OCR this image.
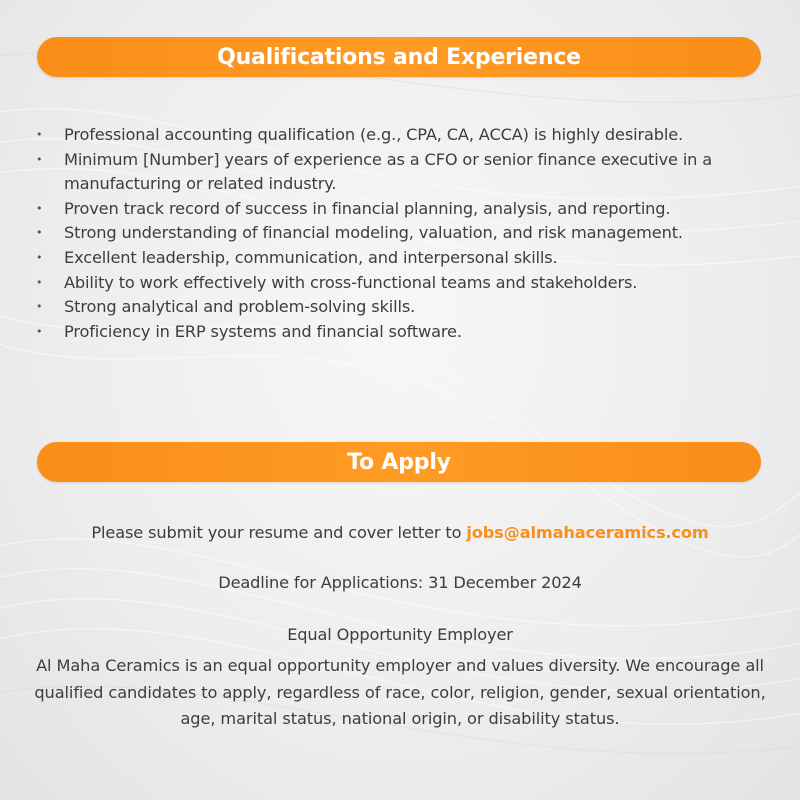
Qualifications and Experience
• Professional accounting qualification (e.g., CPA, CA, ACCA) is highly desirable.
• Minimum [Number] years of experience as a CFO or senior finance executive in a manufacturing or related industry.
• Proven track record of success in financial planning, analysis, and reporting.
• Strong understanding of financial modeling, valuation, and risk management.
• Excellent leadership, communication, and interpersonal skills.
• Ability to work effectively with cross-functional teams and stakeholders.
• Strong analytical and problem-solving skills.
• Proficiency in ERP systems and financial software.
To Apply

Please submit your resume and cover letter to jobs@almahaceramics.com

Deadline for Applications: 31 December 2024

Equal Opportunity Employer

Al Maha Ceramics is an equal opportunity employer and values diversity. We encourage all qualified candidates to apply, regardless of race, color, religion, gender, sexual orientation, age, marital status, national origin, or disability status.
